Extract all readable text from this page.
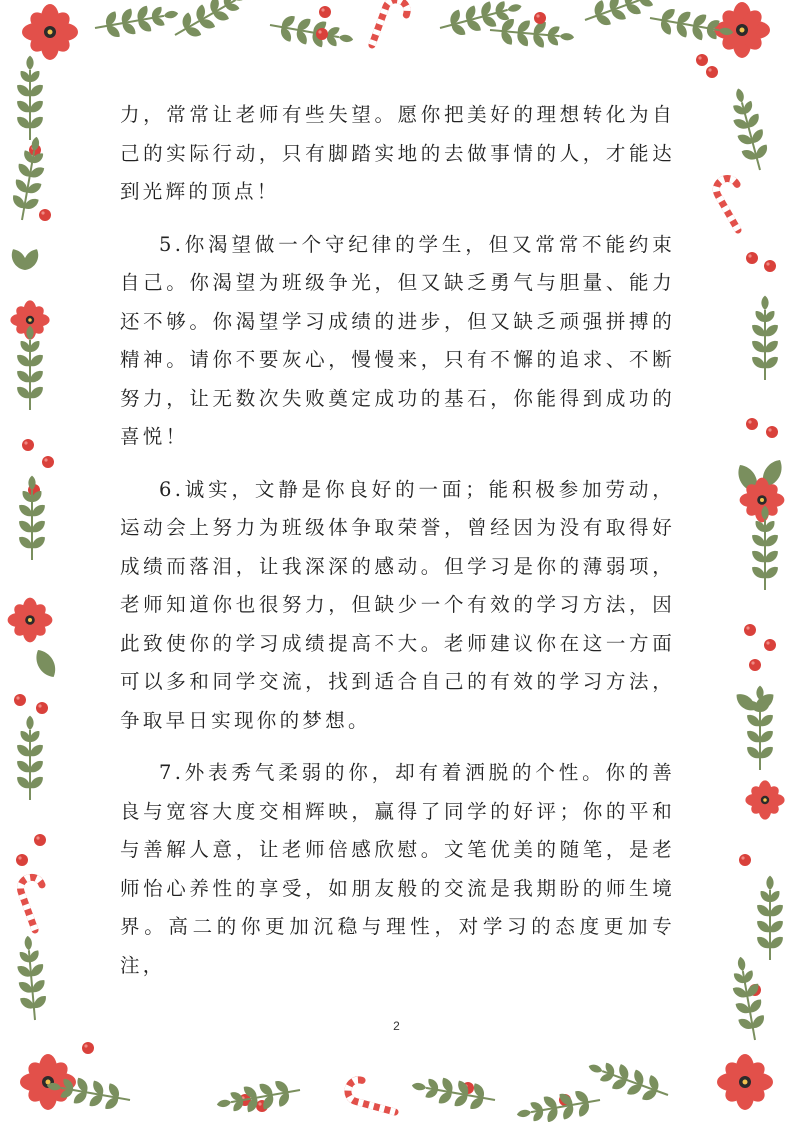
力，常常让老师有些失望。愿你把美好的理想转化为自己的实际行动，只有脚踏实地的去做事情的人，才能达到光辉的顶点！

5.你渴望做一个守纪律的学生，但又常常不能约束自己。你渴望为班级争光，但又缺乏勇气与胆量、能力还不够。你渴望学习成绩的进步，但又缺乏顽强拼搏的精神。请你不要灰心，慢慢来，只有不懈的追求、不断努力，让无数次失败奠定成功的基石，你能得到成功的喜悦！

6.诚实，文静是你良好的一面；能积极参加劳动，运动会上努力为班级体争取荣誉，曾经因为没有取得好成绩而落泪，让我深深的感动。但学习是你的薄弱项，老师知道你也很努力，但缺少一个有效的学习方法，因此致使你的学习成绩提高不大。老师建议你在这一方面可以多和同学交流，找到适合自己的有效的学习方法，争取早日实现你的梦想。

7.外表秀气柔弱的你，却有着洒脱的个性。你的善良与宽容大度交相辉映，赢得了同学的好评；你的平和与善解人意，让老师倍感欣慰。文笔优美的随笔，是老师怡心养性的享受，如朋友般的交流是我期盼的师生境界。高二的你更加沉稳与理性，对学习的态度更加专注，

2
